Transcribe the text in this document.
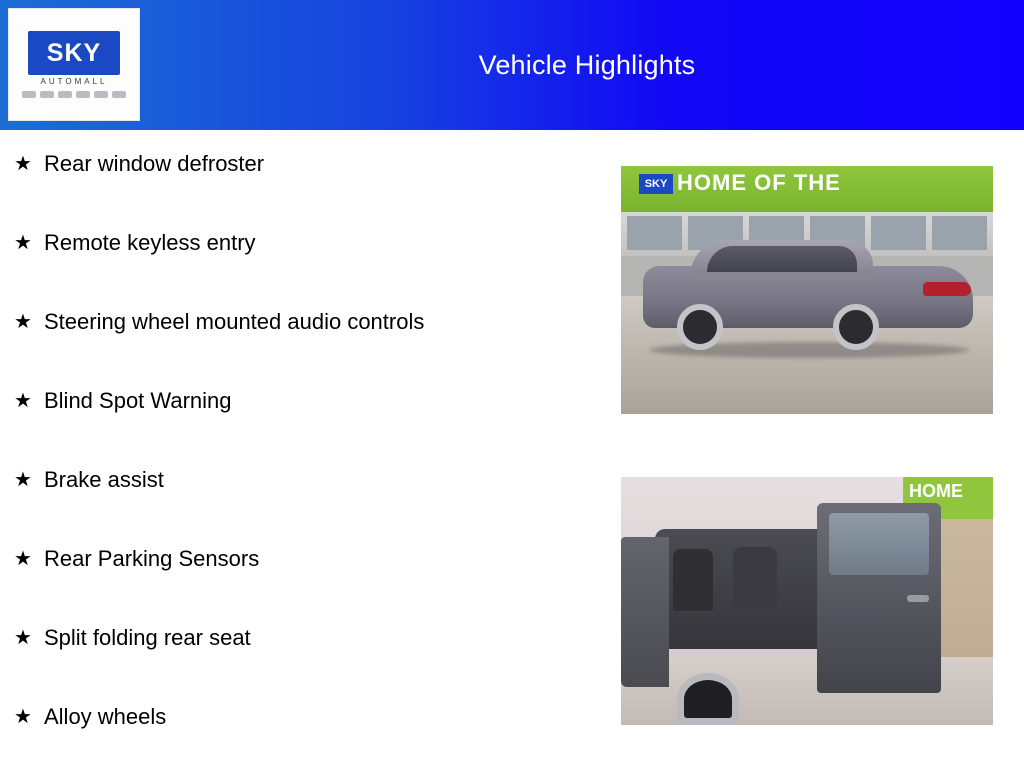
SKY
AUTOMALL
Vehicle Highlights
★ Rear window defroster
★ Remote keyless entry
★ Steering wheel mounted audio controls
★ Blind Spot Warning
★ Brake assist
★ Rear Parking Sensors
★ Split folding rear seat
★ Alloy wheels
SKY HOME OF THE
HOME
